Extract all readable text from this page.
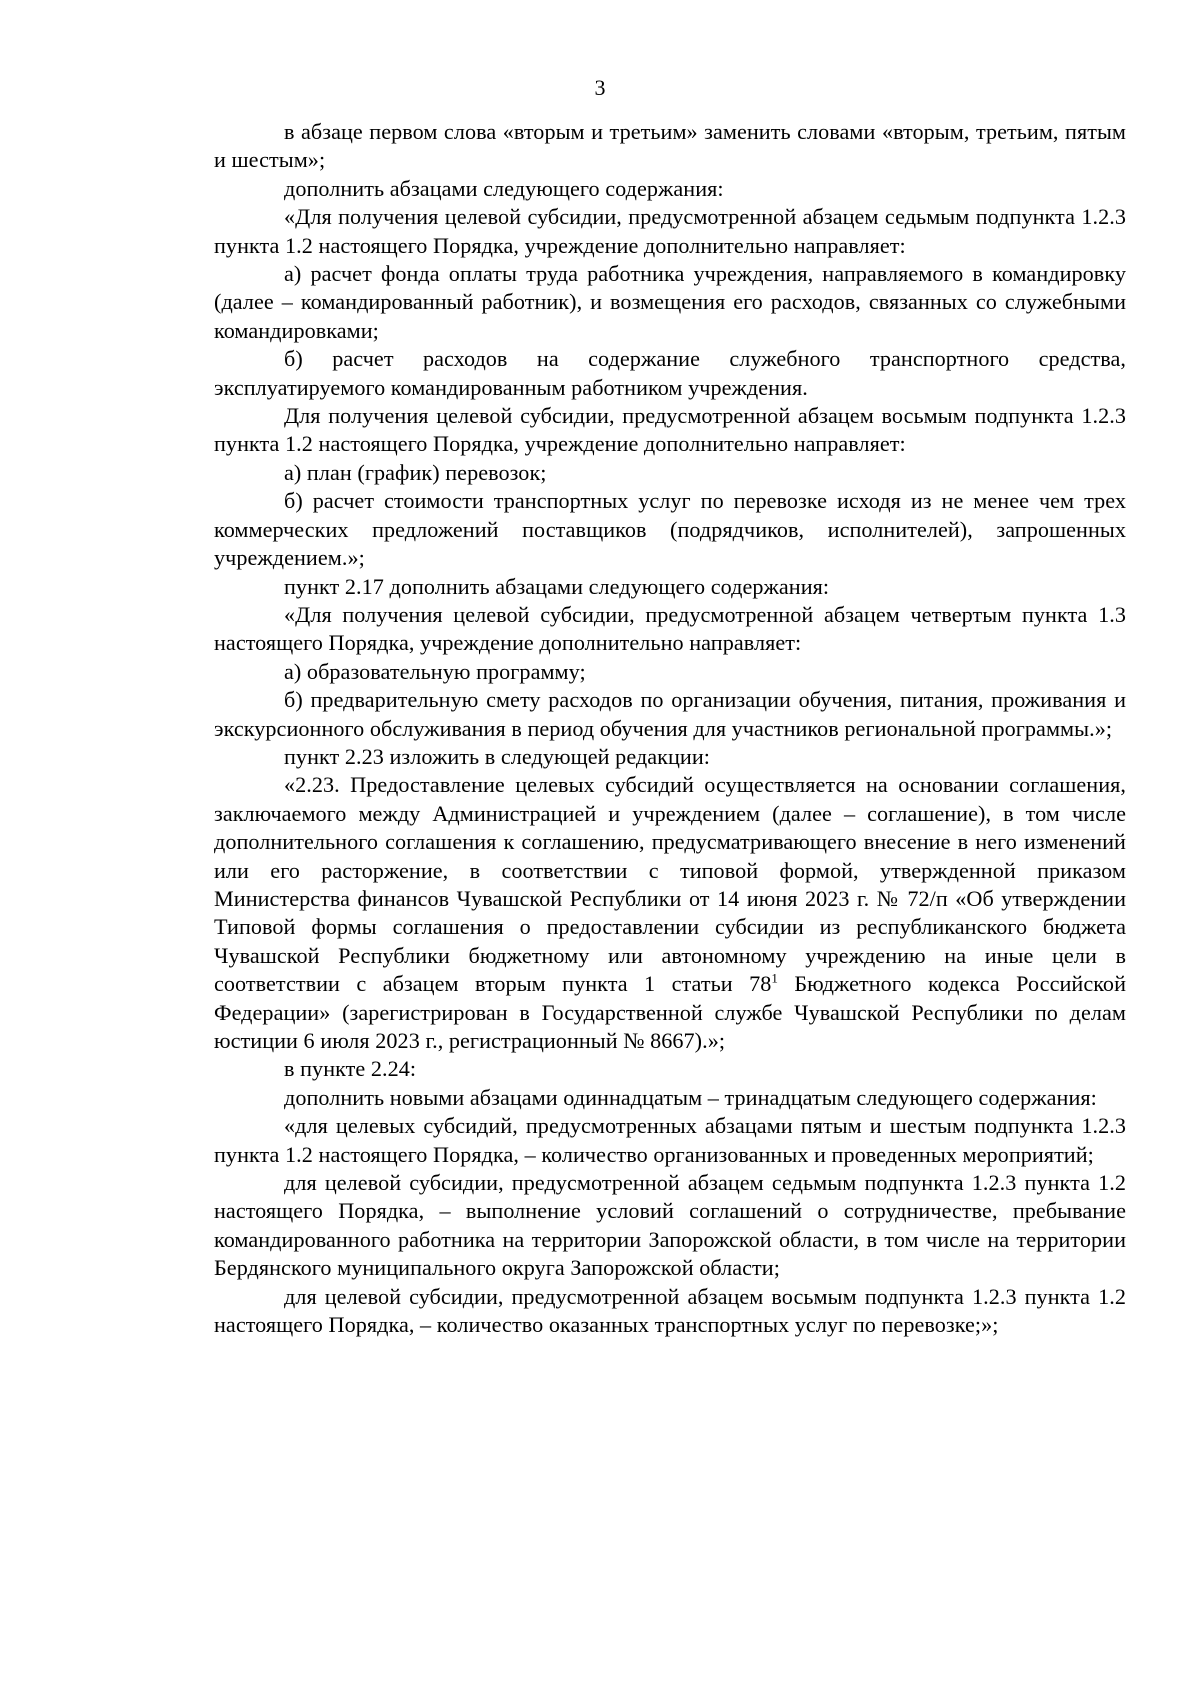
3

в абзаце первом слова «вторым и третьим» заменить словами «вторым, третьим, пятым и шестым»;

дополнить абзацами следующего содержания:

«Для получения целевой субсидии, предусмотренной абзацем седьмым подпункта 1.2.3 пункта 1.2 настоящего Порядка, учреждение дополнительно направляет:

а) расчет фонда оплаты труда работника учреждения, направляемого в командировку (далее – командированный работник), и возмещения его расходов, связанных со служебными командировками;

б) расчет расходов на содержание служебного транспортного средства, эксплуатируемого командированным работником учреждения.

Для получения целевой субсидии, предусмотренной абзацем восьмым подпункта 1.2.3 пункта 1.2 настоящего Порядка, учреждение дополнительно направляет:

а) план (график) перевозок;

б) расчет стоимости транспортных услуг по перевозке исходя из не менее чем трех коммерческих предложений поставщиков (подрядчиков, исполнителей), запрошенных учреждением.»;

пункт 2.17 дополнить абзацами следующего содержания:

«Для получения целевой субсидии, предусмотренной абзацем четвертым пункта 1.3 настоящего Порядка, учреждение дополнительно направляет:

а) образовательную программу;

б) предварительную смету расходов по организации обучения, питания, проживания и экскурсионного обслуживания в период обучения для участников региональной программы.»;

пункт 2.23 изложить в следующей редакции:

«2.23. Предоставление целевых субсидий осуществляется на основании соглашения, заключаемого между Администрацией и учреждением (далее – соглашение), в том числе дополнительного соглашения к соглашению, предусматривающего внесение в него изменений или его расторжение, в соответствии с типовой формой, утвержденной приказом Министерства финансов Чувашской Республики от 14 июня 2023 г. № 72/п «Об утверждении Типовой формы соглашения о предоставлении субсидии из республиканского бюджета Чувашской Республики бюджетному или автономному учреждению на иные цели в соответствии с абзацем вторым пункта 1 статьи $78^1$ Бюджетного кодекса Российской Федерации» (зарегистрирован в Государственной службе Чувашской Республики по делам юстиции 6 июля 2023 г., регистрационный № 8667).»;

в пункте 2.24:

дополнить новыми абзацами одиннадцатым – тринадцатым следующего содержания:

«для целевых субсидий, предусмотренных абзацами пятым и шестым подпункта 1.2.3 пункта 1.2 настоящего Порядка, – количество организованных и проведенных мероприятий;

для целевой субсидии, предусмотренной абзацем седьмым подпункта 1.2.3 пункта 1.2 настоящего Порядка, – выполнение условий соглашений о сотрудничестве, пребывание командированного работника на территории Запорожской области, в том числе на территории Бердянского муниципального округа Запорожской области;

для целевой субсидии, предусмотренной абзацем восьмым подпункта 1.2.3 пункта 1.2 настоящего Порядка, – количество оказанных транспортных услуг по перевозке;»;
